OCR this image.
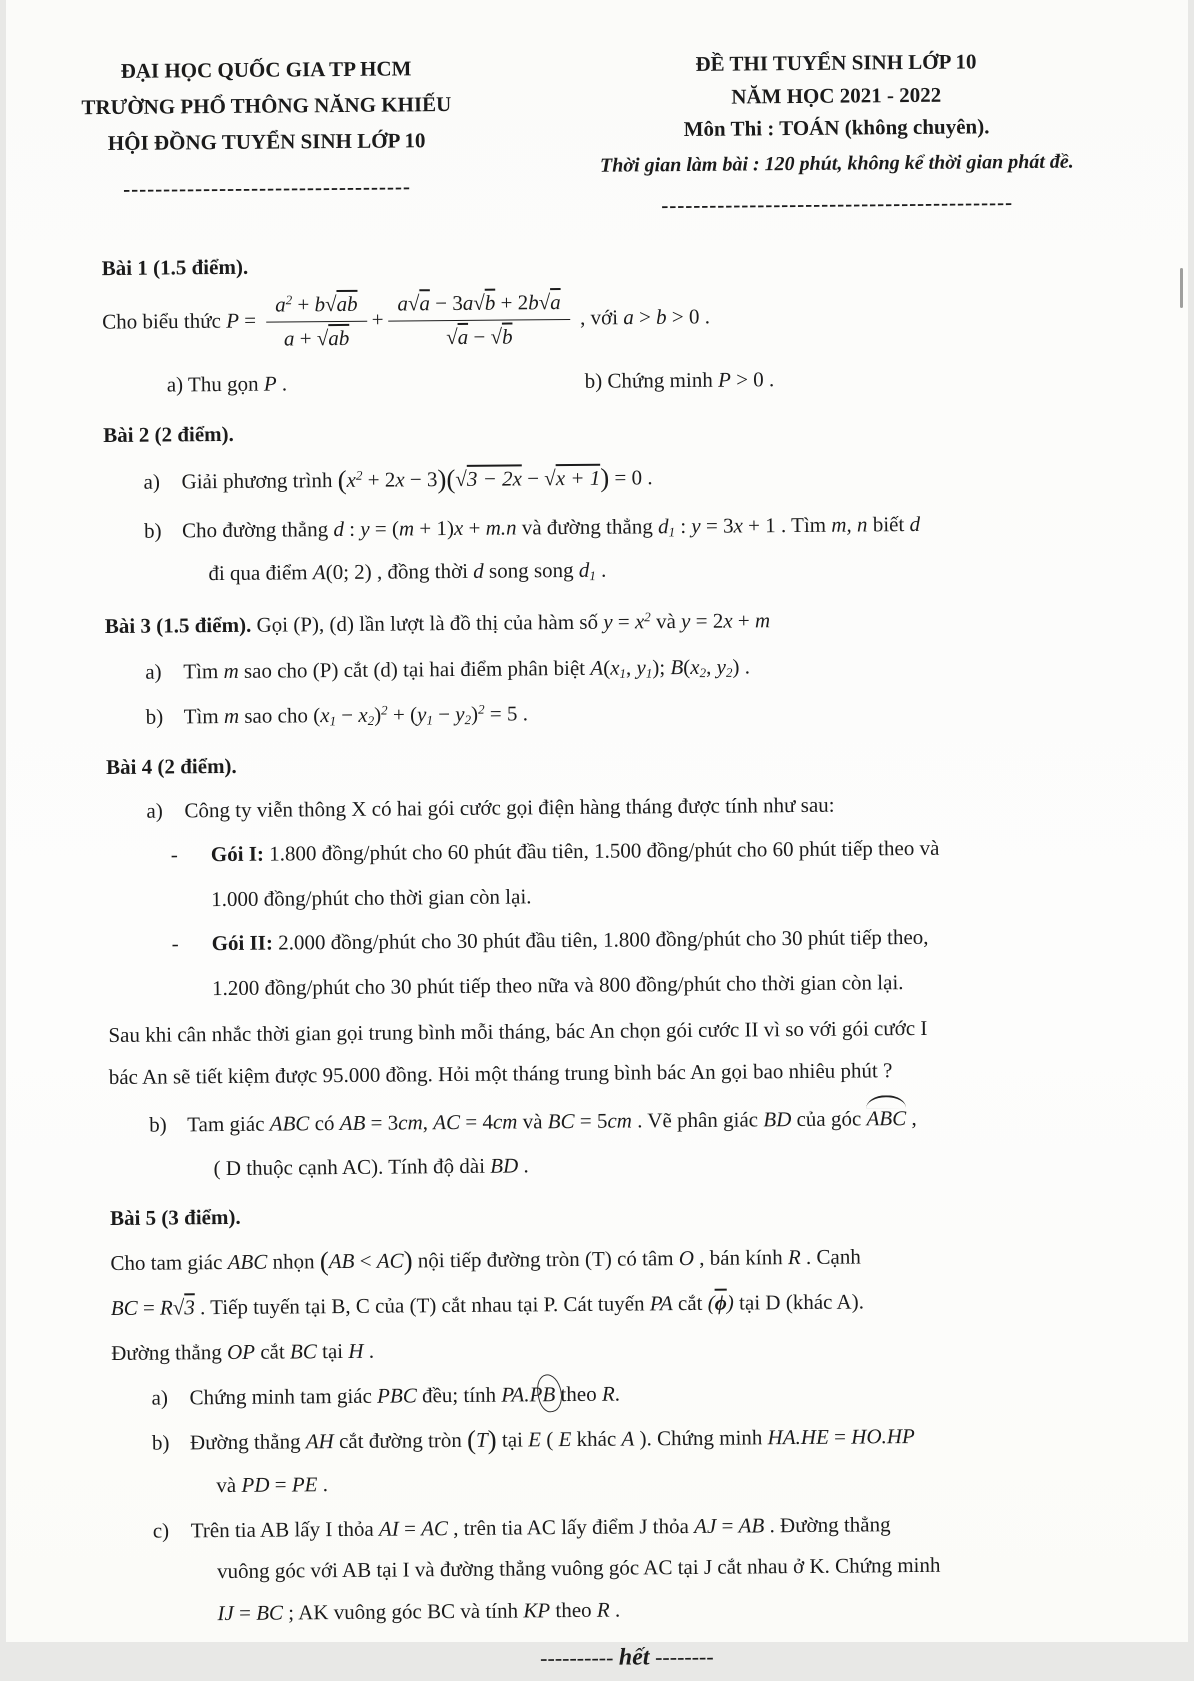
ĐẠI HỌC QUỐC GIA TP HCM
TRƯỜNG PHỔ THÔNG NĂNG KHIẾU
HỘI ĐỒNG TUYỂN SINH LỚP 10
------------------------------------
ĐỀ THI TUYỂN SINH LỚP 10
NĂM HỌC 2021 - 2022
Môn Thi : TOÁN (không chuyên).
Thời gian làm bài : 120 phút, không kể thời gian phát đề.
--------------------------------------------
Bài 1 (1.5 điểm).
Cho biểu thức $P = \frac{a^2 + b√ab}{a + √ab} + \frac{a√a - 3a√b + 2b√a}{√a - √b}$ , với a > b > 0 .
a) Thu gọn P .	b) Chứng minh P > 0 .
Bài 2 (2 điểm).
a) Giải phương trình $(x^2 + 2x - 3)(√3 - 2x - √x + 1) = 0$ .
b) Cho đường thẳng d : y = (m + 1)x + m.n và đường thẳng $d_1$ : y = 3x + 1 . Tìm m, n biết d
đi qua điểm A(0; 2) , đồng thời d song song $d_1$ .
Bài 3 (1.5 điểm). Gọi (P), (d) lần lượt là đồ thị của hàm số $y = x^2$ và y = 2x + m
a) Tìm m sao cho (P) cắt (d) tại hai điểm phân biệt $A(x_1$, $y_1$); $B(x_2$, $y_2$) .
b) Tìm m sao cho $(x_1 - x_2)^2 + (y_1 - y_2)^2 = 5$ .
Bài 4 (2 điểm).
a) Công ty viễn thông X có hai gói cước gọi điện hàng tháng được tính như sau:
-	Gói I: 1.800 đồng/phút cho 60 phút đầu tiên, 1.500 đồng/phút cho 60 phút tiếp theo và
1.000 đồng/phút cho thời gian còn lại.
-	Gói II: 2.000 đồng/phút cho 30 phút đầu tiên, 1.800 đồng/phút cho 30 phút tiếp theo,
1.200 đồng/phút cho 30 phút tiếp theo nữa và 800 đồng/phút cho thời gian còn lại.
Sau khi cân nhắc thời gian gọi trung bình mỗi tháng, bác An chọn gói cước II vì so với gói cước I
bác An sẽ tiết kiệm được 95.000 đồng. Hỏi một tháng trung bình bác An gọi bao nhiêu phút ?
b) Tam giác ABC có AB = 3cm, AC = 4cm và BC = 5cm . Vẽ phân giác BD của góc ABC ,
( D thuộc cạnh AC). Tính độ dài BD .
Bài 5 (3 điểm).
Cho tam giác ABC nhọn (AB < AC) nội tiếp đường tròn (T) có tâm O , bán kính R . Cạnh
BC = R√3 . Tiếp tuyến tại B, C của (T) cắt nhau tại P. Cát tuyến PA cắt $(\overline{\phi})$ tại D (khác A).
Đường thẳng OP cắt BC tại H .
a) Chứng minh tam giác PBC đều; tính PA.PB theo R.
b) Đường thẳng AH cắt đường tròn (T) tại E ( E khác A ). Chứng minh HA.HE = HO.HP
và PD = PE .
c) Trên tia AB lấy I thỏa AI = AC , trên tia AC lấy điểm J thỏa AJ = AB . Đường thẳng
vuông góc với AB tại I và đường thẳng vuông góc AC tại J cắt nhau ở K. Chứng minh
IJ = BC ; AK vuông góc BC và tính KP theo R .
---------- hết --------
